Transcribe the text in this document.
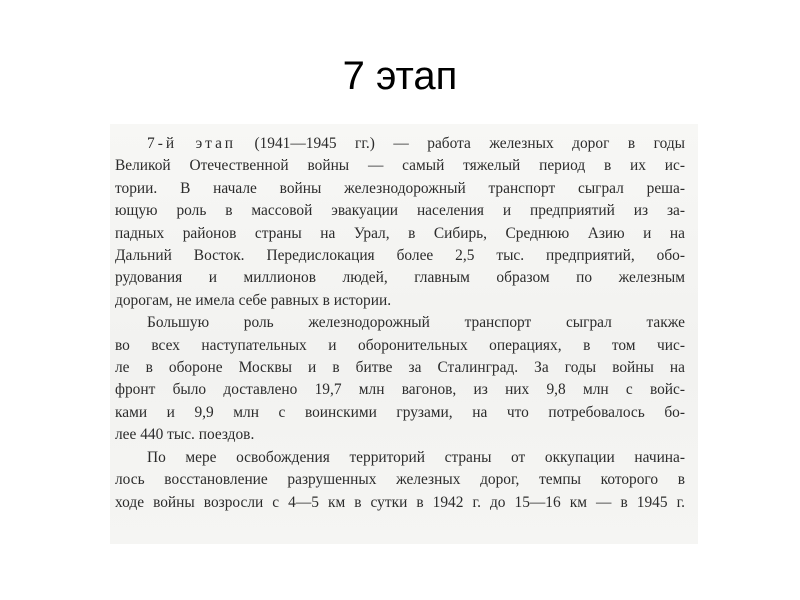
7 этап
7-й этап (1941—1945 гг.) — работа железных дорог в годы
Великой Отечественной войны — самый тяжелый период в их ис-
тории. В начале войны железнодорожный транспорт сыграл реша-
ющую роль в массовой эвакуации населения и предприятий из за-
падных районов страны на Урал, в Сибирь, Среднюю Азию и на
Дальний Восток. Передислокация более 2,5 тыс. предприятий, обо-
рудования и миллионов людей, главным образом по железным
дорогам, не имела себе равных в истории.
Большую роль железнодорожный транспорт сыграл также
во всех наступательных и оборонительных операциях, в том чис-
ле в обороне Москвы и в битве за Сталинград. За годы войны на
фронт было доставлено 19,7 млн вагонов, из них 9,8 млн с войс-
ками и 9,9 млн с воинскими грузами, на что потребовалось бо-
лее 440 тыс. поездов.
По мере освобождения территорий страны от оккупации начина-
лось восстановление разрушенных железных дорог, темпы которого в
ходе войны возросли с 4—5 км в сутки в 1942 г. до 15—16 км — в 1945 г.
